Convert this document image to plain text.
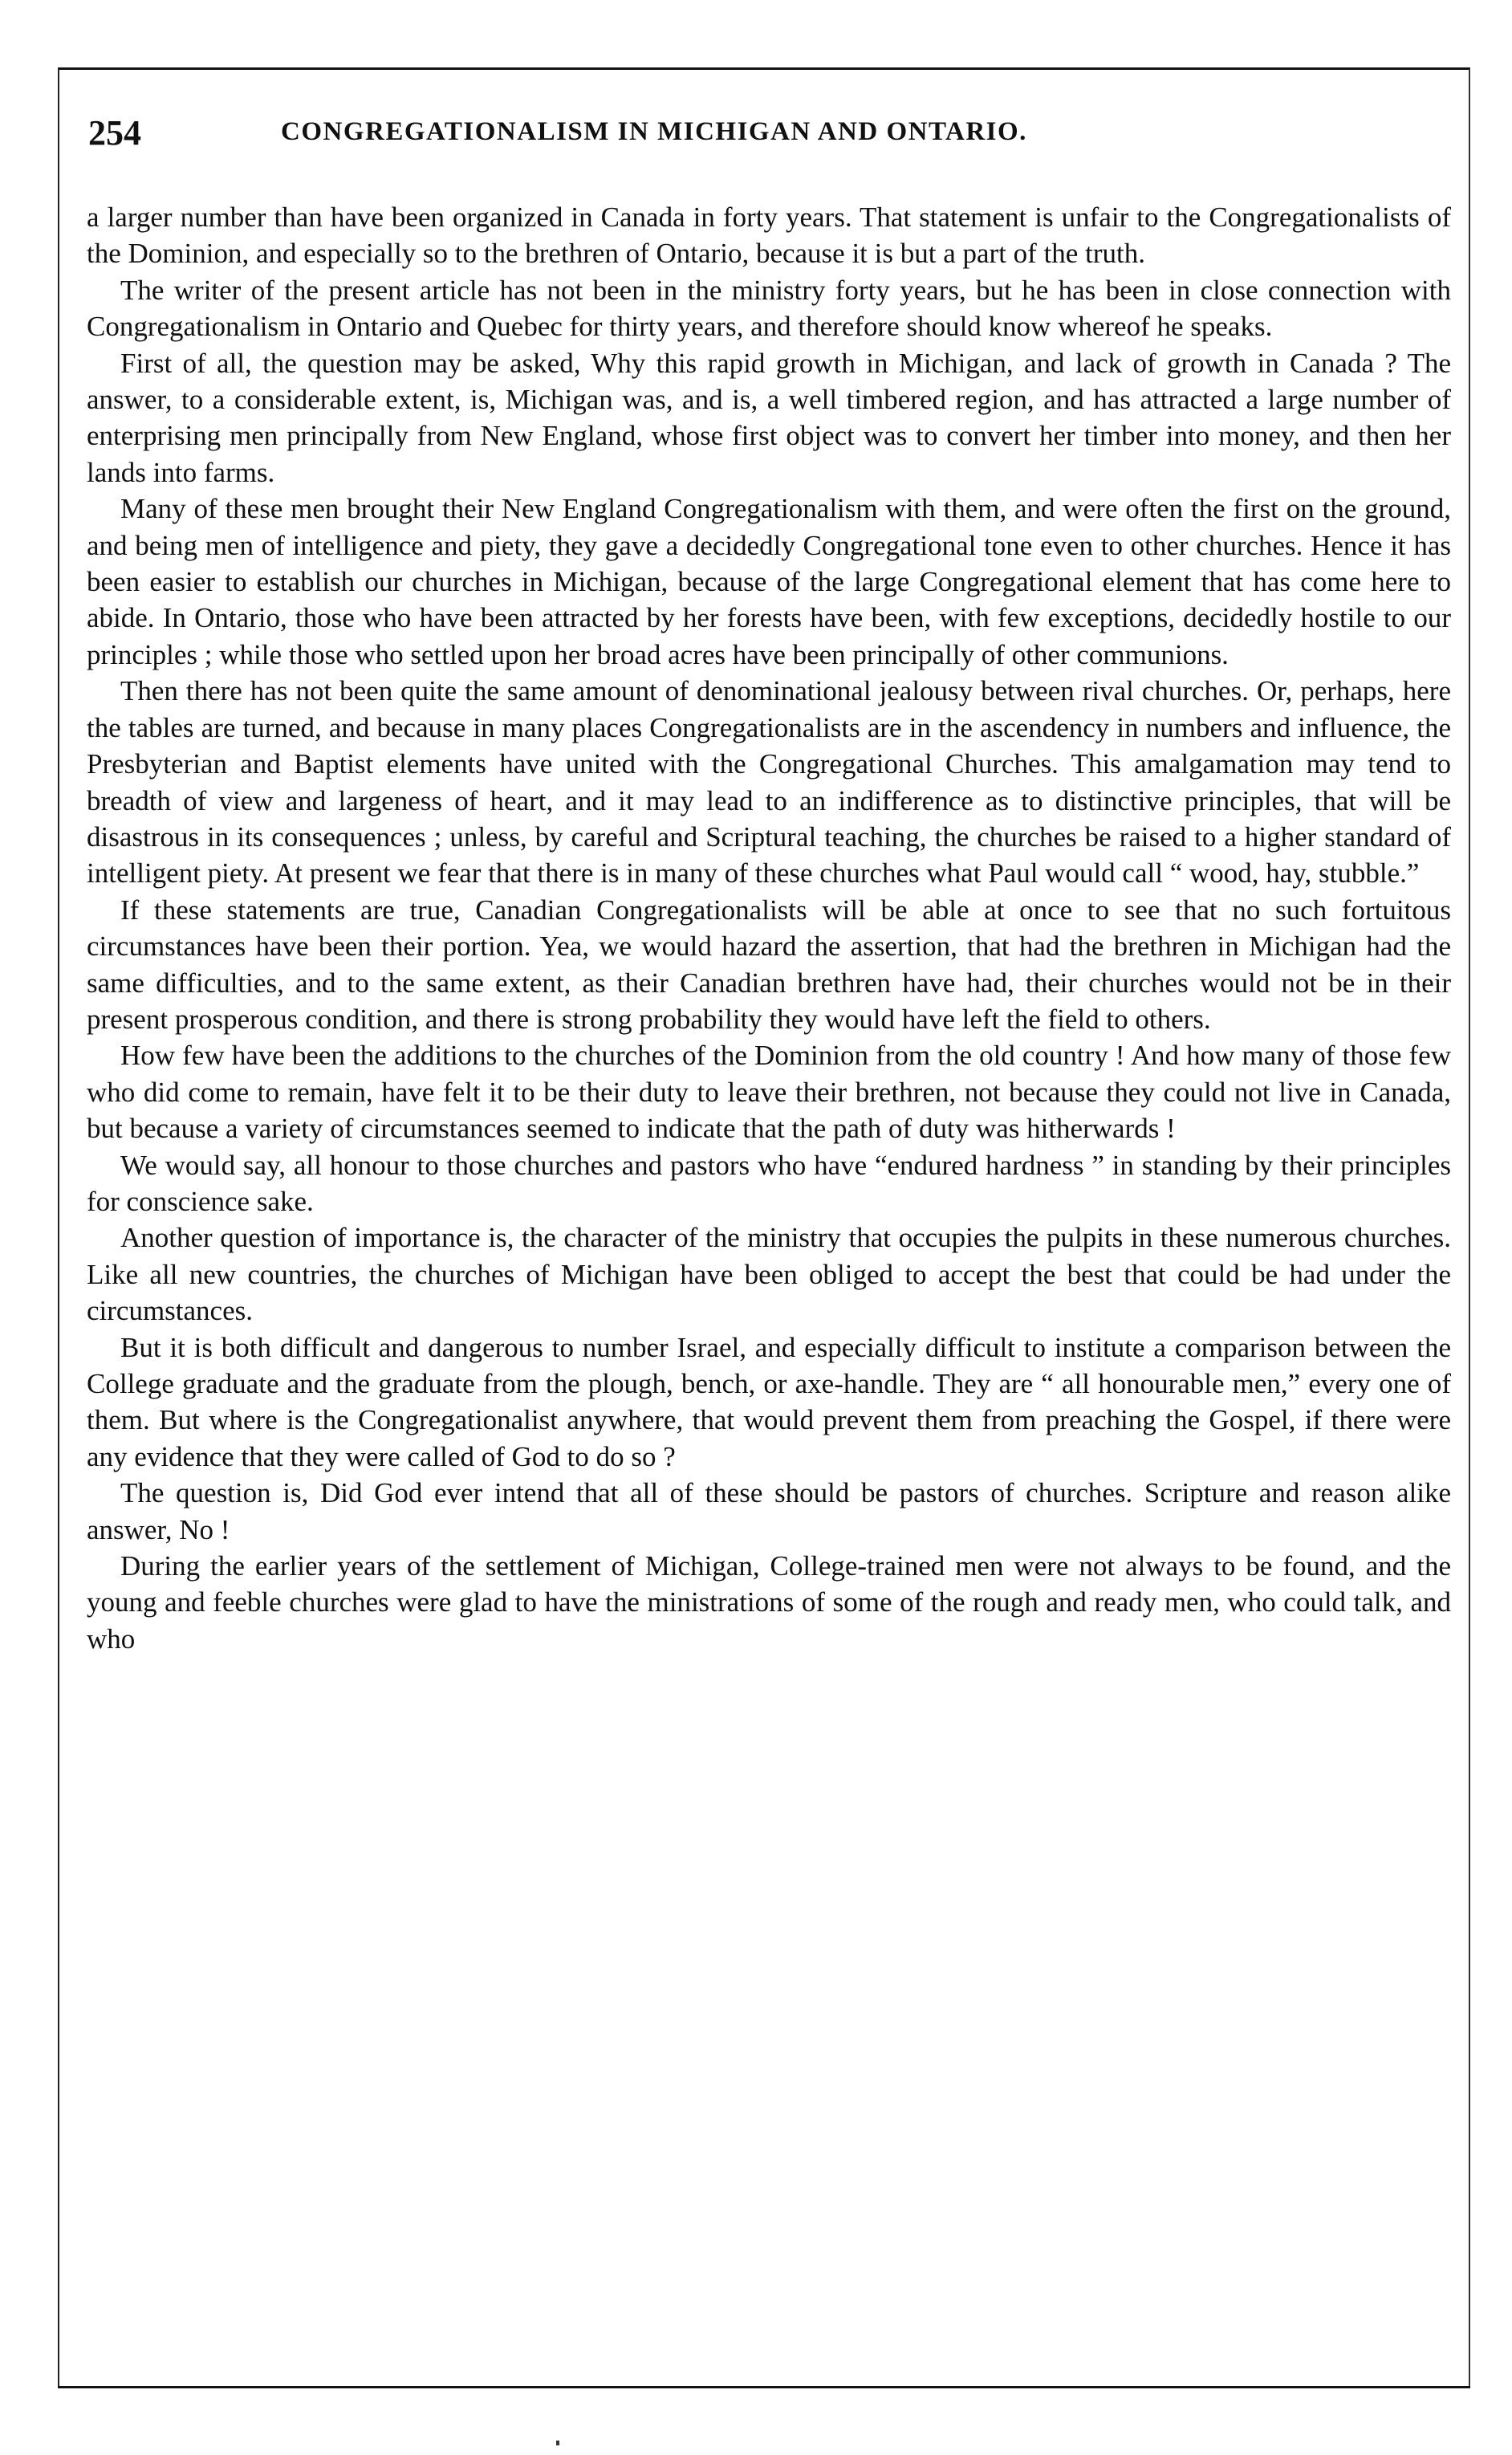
254	CONGREGATIONALISM IN MICHIGAN AND ONTARIO.

a larger number than have been organized in Canada in forty years. That statement is unfair to the Congregationalists of the Dominion, and especially so to the brethren of Ontario, because it is but a part of the truth.

The writer of the present article has not been in the ministry forty years, but he has been in close connection with Congregationalism in Ontario and Quebec for thirty years, and therefore should know whereof he speaks.

First of all, the question may be asked, Why this rapid growth in Michigan, and lack of growth in Canada ? The answer, to a considerable extent, is, Michigan was, and is, a well timbered region, and has attracted a large number of enterprising men principally from New England, whose first object was to convert her timber into money, and then her lands into farms.

Many of these men brought their New England Congregationalism with them, and were often the first on the ground, and being men of intelligence and piety, they gave a decidedly Congregational tone even to other churches. Hence it has been easier to establish our churches in Michigan, because of the large Congregational element that has come here to abide. In Ontario, those who have been attracted by her forests have been, with few exceptions, decidedly hostile to our principles ; while those who settled upon her broad acres have been principally of other communions.

Then there has not been quite the same amount of denominational jealousy between rival churches. Or, perhaps, here the tables are turned, and because in many places Congregationalists are in the ascendency in numbers and influence, the Presbyterian and Baptist elements have united with the Congregational Churches. This amalgamation may tend to breadth of view and largeness of heart, and it may lead to an indifference as to distinctive principles, that will be disastrous in its consequences ; unless, by careful and Scriptural teaching, the churches be raised to a higher standard of intelligent piety. At present we fear that there is in many of these churches what Paul would call “ wood, hay, stubble.”

If these statements are true, Canadian Congregationalists will be able at once to see that no such fortuitous circumstances have been their portion. Yea, we would hazard the assertion, that had the brethren in Michigan had the same difficulties, and to the same extent, as their Canadian brethren have had, their churches would not be in their present prosperous condition, and there is strong probability they would have left the field to others.

How few have been the additions to the churches of the Dominion from the old country ! And how many of those few who did come to remain, have felt it to be their duty to leave their brethren, not because they could not live in Canada, but because a variety of circumstances seemed to indicate that the path of duty was hitherwards !

We would say, all honour to those churches and pastors who have “endured hardness ” in standing by their principles for conscience sake.

Another question of importance is, the character of the ministry that occupies the pulpits in these numerous churches. Like all new countries, the churches of Michigan have been obliged to accept the best that could be had under the circumstances.

But it is both difficult and dangerous to number Israel, and especially difficult to institute a comparison between the College graduate and the graduate from the plough, bench, or axe-handle. They are “ all honourable men,” every one of them. But where is the Congregationalist anywhere, that would prevent them from preaching the Gospel, if there were any evidence that they were called of God to do so ?

The question is, Did God ever intend that all of these should be pastors of churches. Scripture and reason alike answer, No !

During the earlier years of the settlement of Michigan, College-trained men were not always to be found, and the young and feeble churches were glad to have the ministrations of some of the rough and ready men, who could talk, and who
